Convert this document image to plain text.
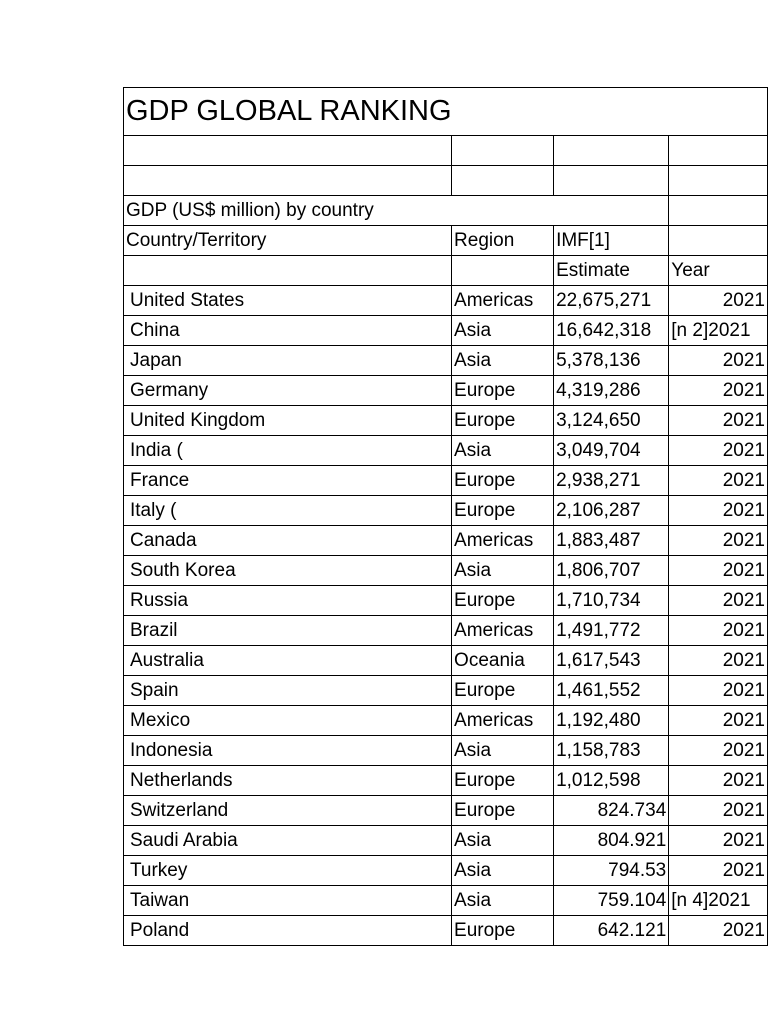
GDP GLOBAL RANKING			

GDP (US$ million) by country			
Country/Territory	Region	IMF[1]	
		Estimate	Year
United States	Americas	22,675,271	2021
China	Asia	16,642,318	[n 2]2021
Japan	Asia	5,378,136	2021
Germany	Europe	4,319,286	2021
United Kingdom	Europe	3,124,650	2021
India (	Asia	3,049,704	2021
France	Europe	2,938,271	2021
Italy (	Europe	2,106,287	2021
Canada	Americas	1,883,487	2021
South Korea	Asia	1,806,707	2021
Russia	Europe	1,710,734	2021
Brazil	Americas	1,491,772	2021
Australia	Oceania	1,617,543	2021
Spain	Europe	1,461,552	2021
Mexico	Americas	1,192,480	2021
Indonesia	Asia	1,158,783	2021
Netherlands	Europe	1,012,598	2021
Switzerland	Europe	824.734	2021
Saudi Arabia	Asia	804.921	2021
Turkey	Asia	794.53	2021
Taiwan	Asia	759.104	[n 4]2021
Poland	Europe	642.121	2021
